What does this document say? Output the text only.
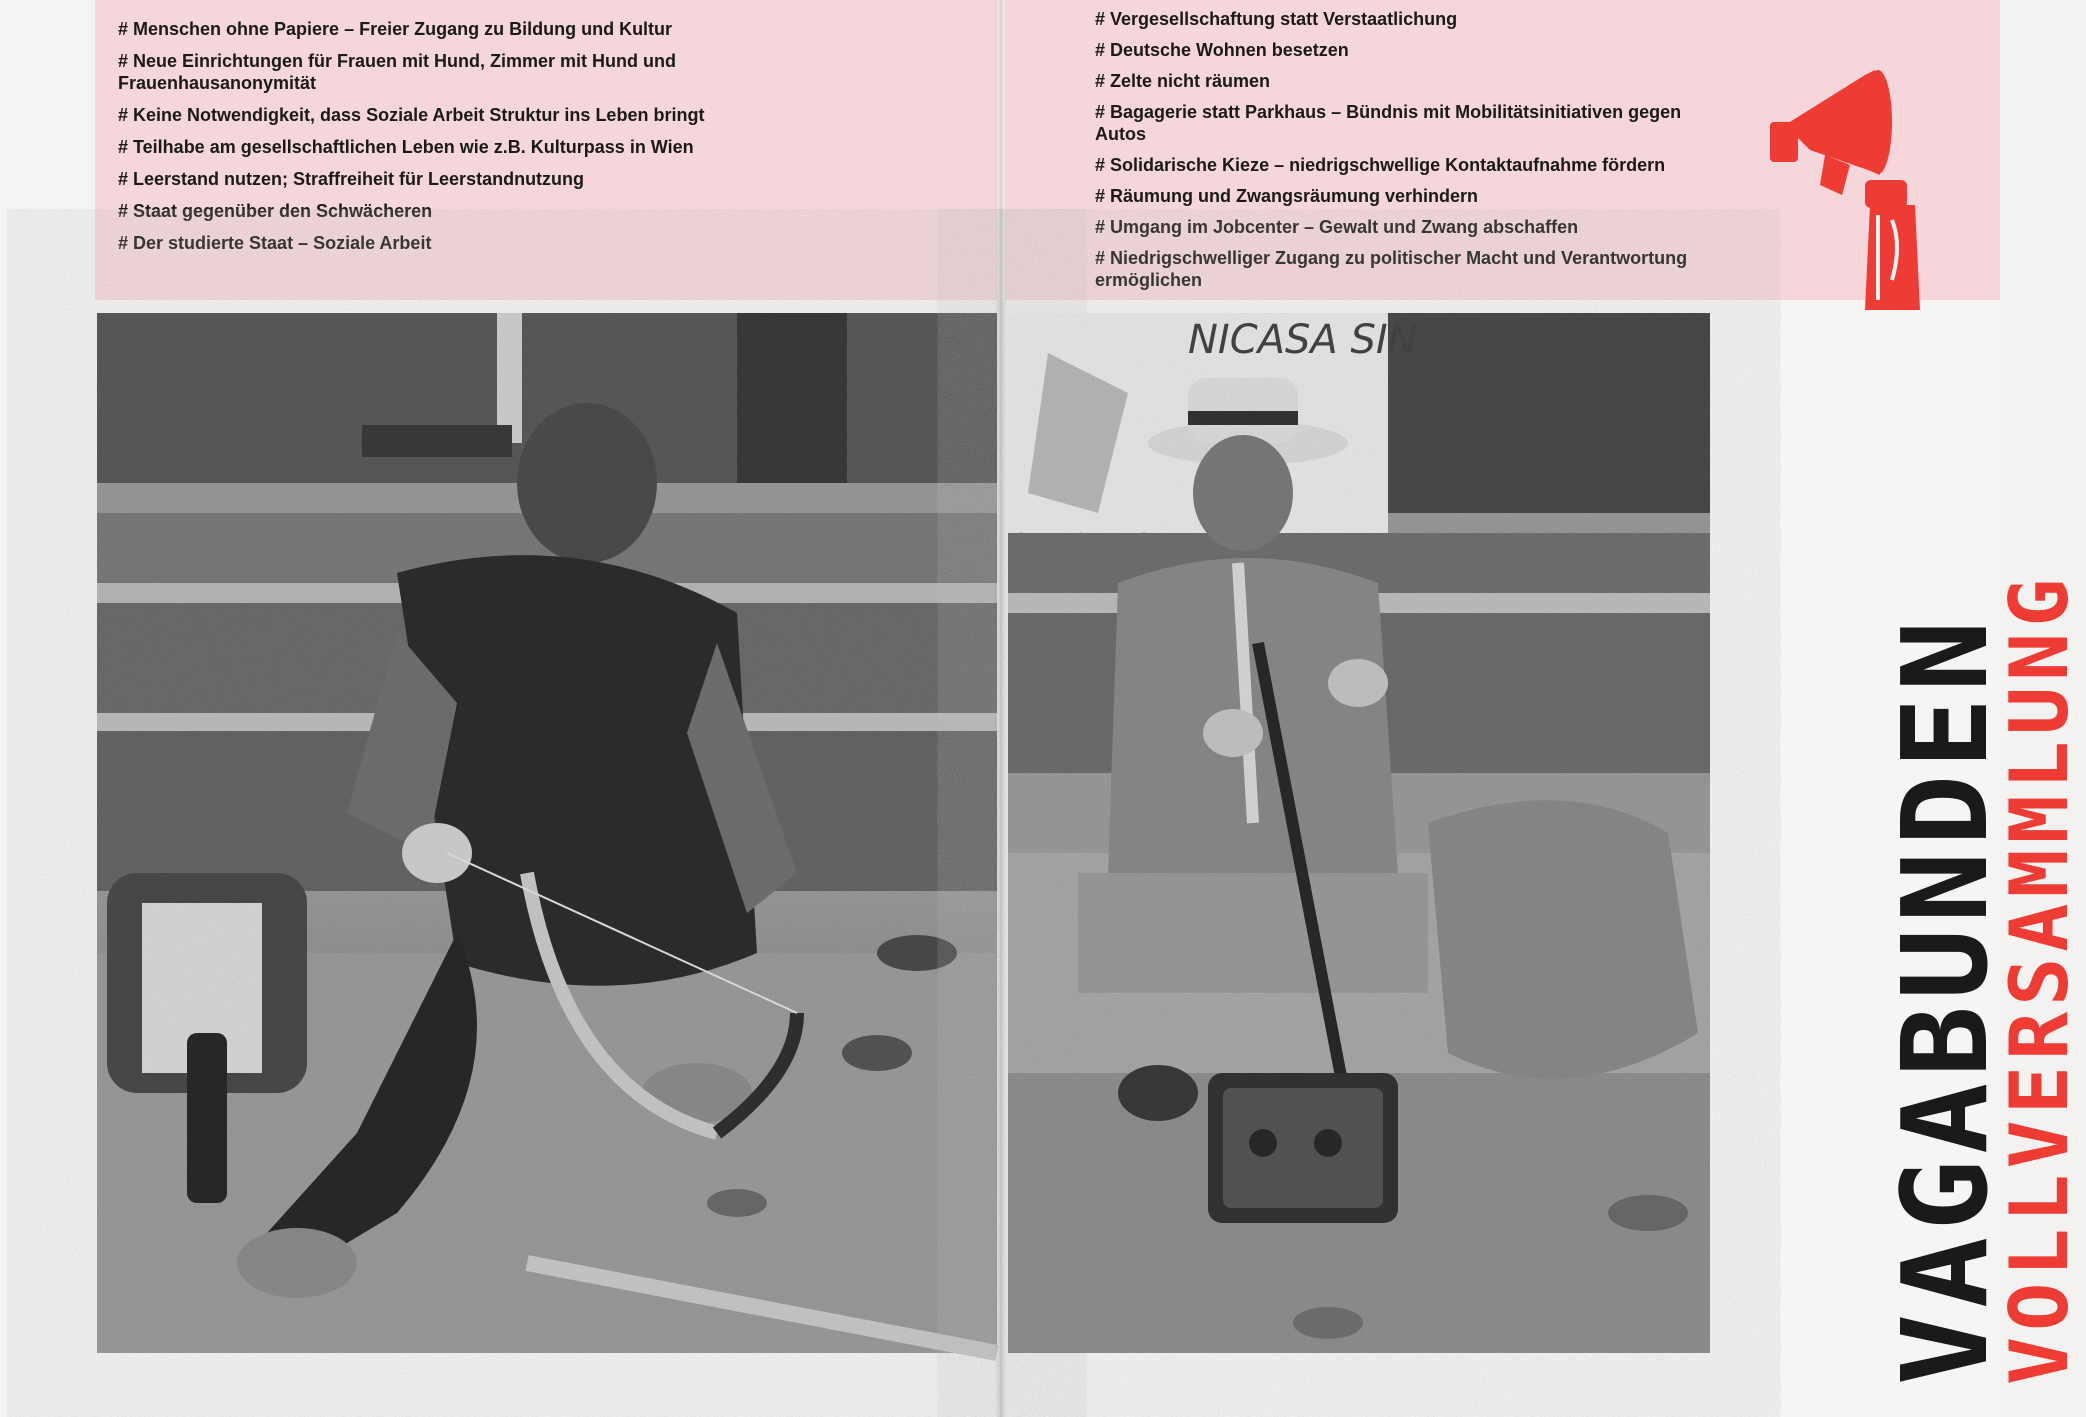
# Menschen ohne Papiere – Freier Zugang zu Bildung und Kultur
# Neue Einrichtungen für Frauen mit Hund, Zimmer mit Hund und Frauenhausanonymität
# Keine Notwendigkeit, dass Soziale Arbeit Struktur ins Leben bringt
# Teilhabe am gesellschaftlichen Leben wie z.B. Kulturpass in Wien
# Leerstand nutzen; Straffreiheit für Leerstandnutzung
# Staat gegenüber den Schwächeren
# Der studierte Staat – Soziale Arbeit
# Vergesellschaftung statt Verstaatlichung
# Deutsche Wohnen besetzen
# Zelte nicht räumen
# Bagagerie statt Parkhaus – Bündnis mit Mobilitätsinitiativen gegen Autos
# Solidarische Kieze – niedrigschwellige Kontaktaufnahme fördern
# Räumung und Zwangsräumung verhindern
# Umgang im Jobcenter – Gewalt und Zwang abschaffen
# Niedrigschwelliger Zugang zu politischer Macht und Verantwortung ermöglichen
NICASA SIN
VAGABUNDEN
VOLLVERSAMMLUNG
